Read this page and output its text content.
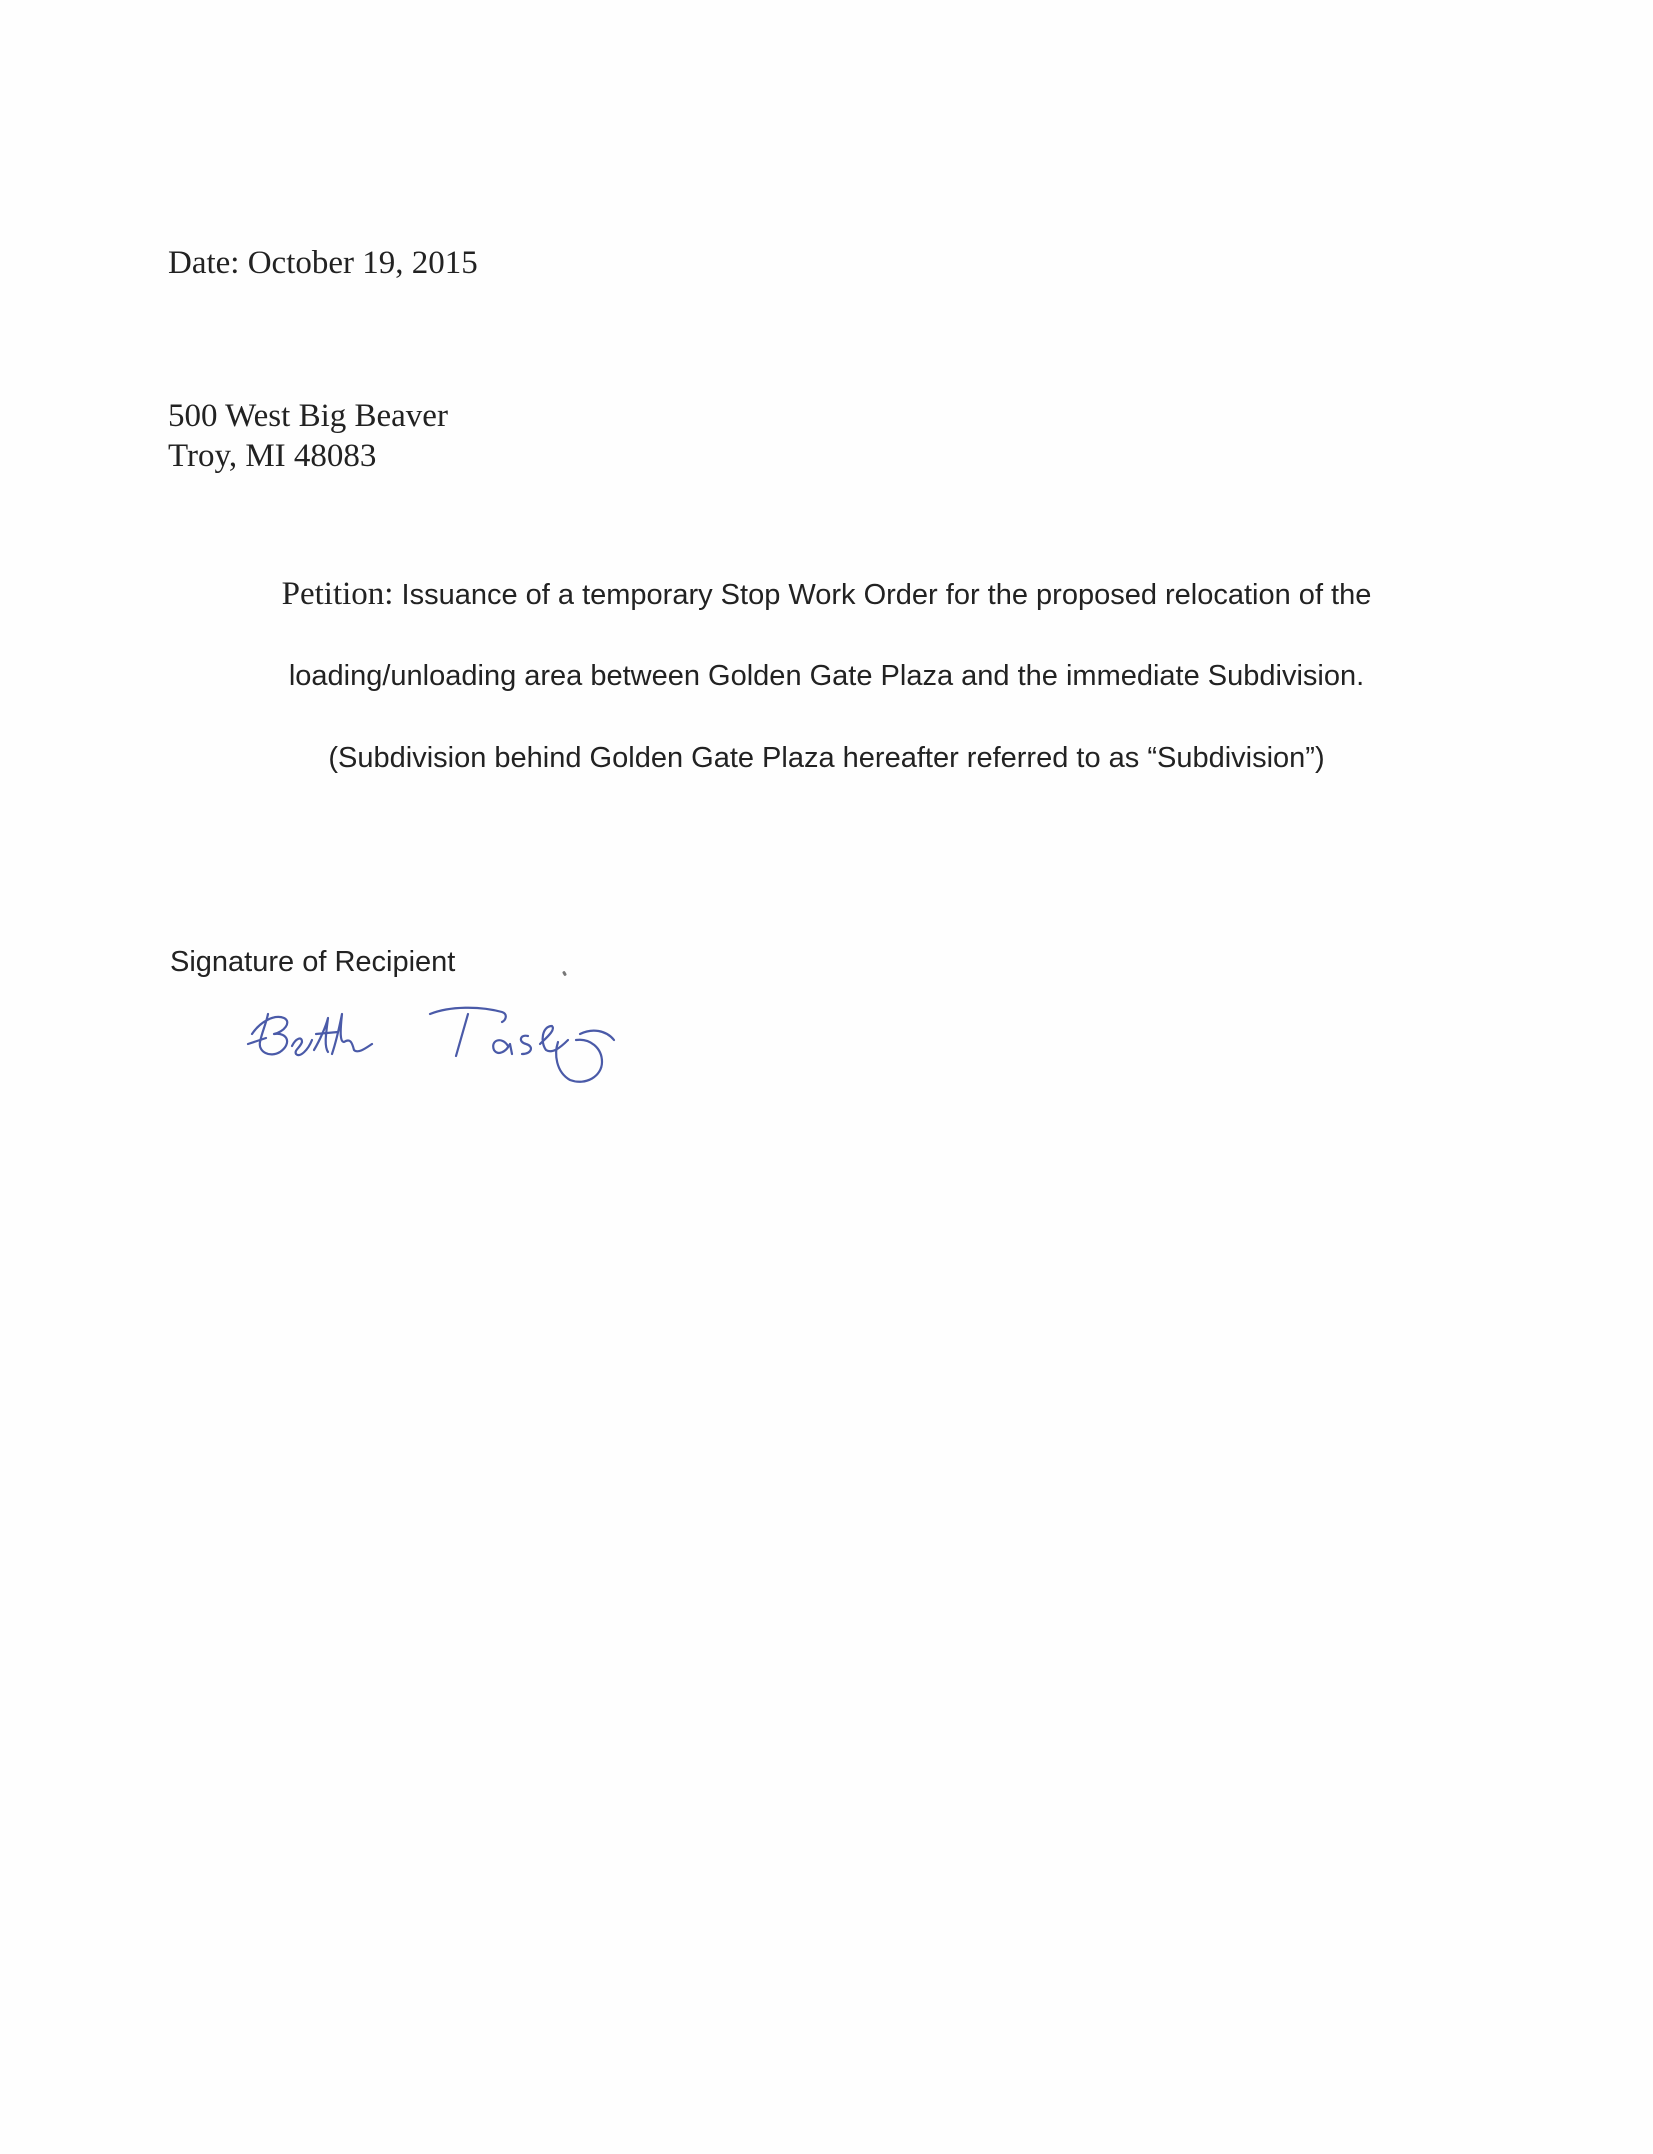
Date: October 19, 2015
500 West Big Beaver
Troy, MI 48083
Petition: Issuance of a temporary Stop Work Order for the proposed relocation of the
loading/unloading area between Golden Gate Plaza and the immediate Subdivision.
(Subdivision behind Golden Gate Plaza hereafter referred to as “Subdivision”)
Signature of Recipient
